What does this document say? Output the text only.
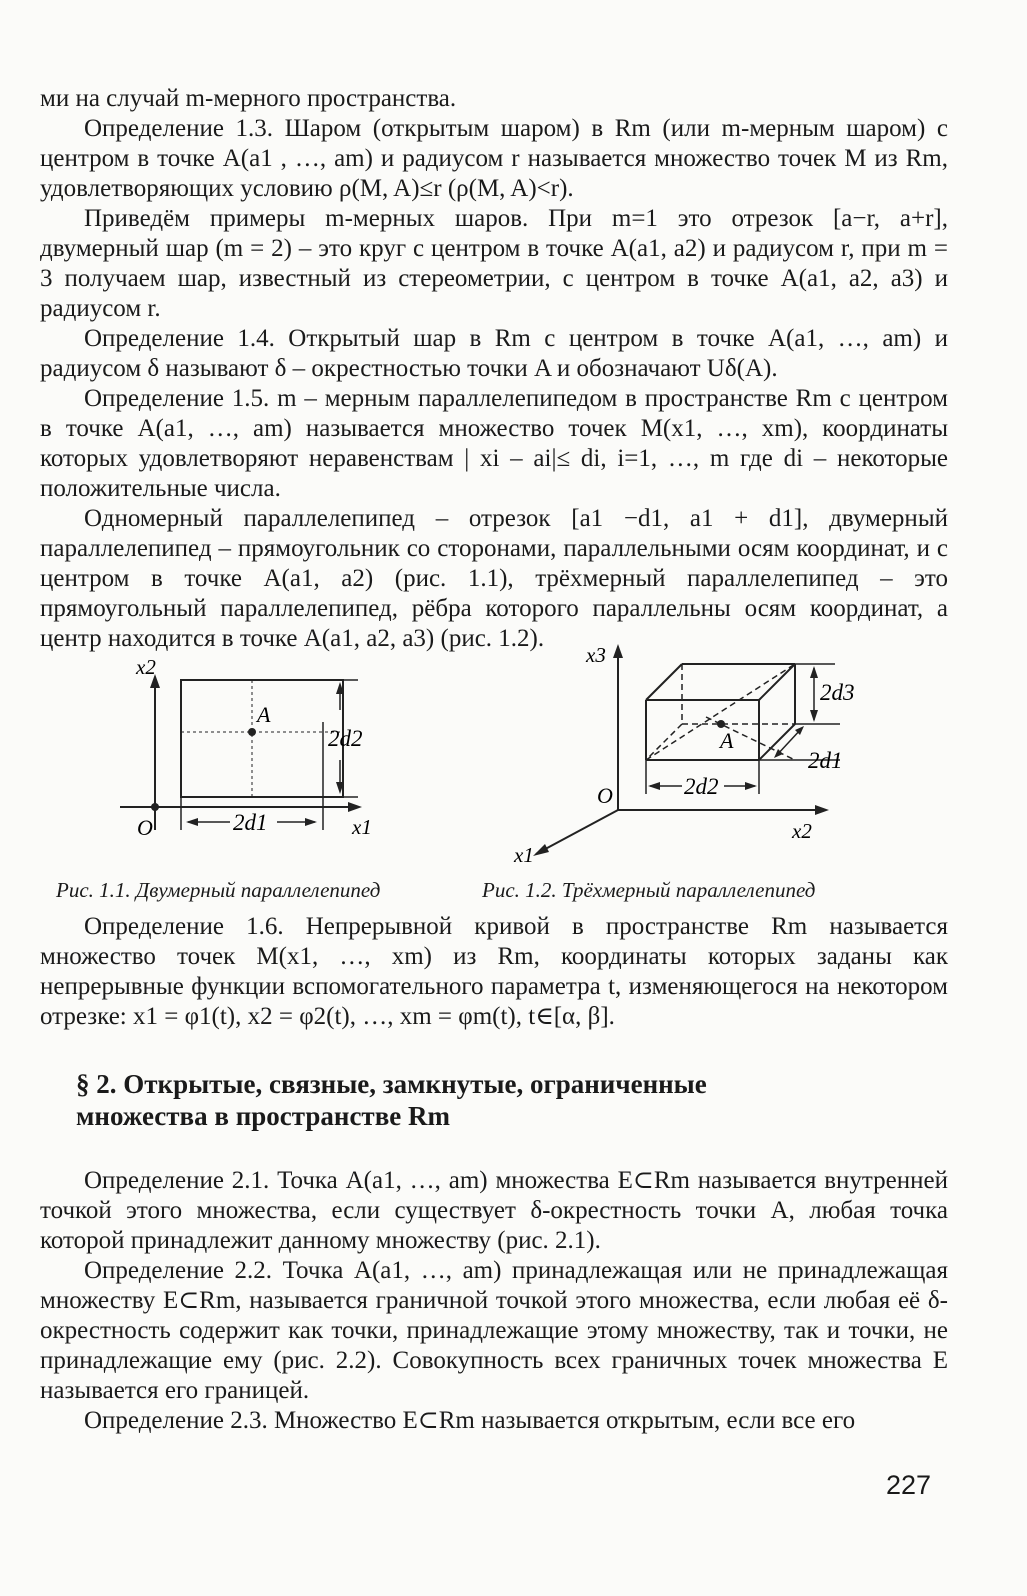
ми на случай m-мерного пространства.

Определение 1.3. Шаром (открытым шаром) в Rm (или m-мерным шаром) с центром в точке A(a1 , …, am) и радиусом r называется множество точек M из Rm, удовлетворяющих условию ρ(M, A)≤r (ρ(M, A)<r).

Приведём примеры m-мерных шаров. При m=1 это отрезок [a−r, a+r], двумерный шар (m = 2) – это круг с центром в точке A(a1, a2) и радиусом r, при m = 3 получаем шар, известный из стереометрии, с центром в точке A(a1, a2, a3) и радиусом r.

Определение 1.4. Открытый шар в Rm с центром в точке A(a1, …, am) и радиусом δ называют δ – окрестностью точки A и обозначают Uδ(A).

Определение 1.5. m – мерным параллелепипедом в пространстве Rm с центром в точке A(a1, …, am) называется множество точек M(x1, …, xm), координаты которых удовлетворяют неравенствам | xi – ai|≤ di, i=1, …, m где di – некоторые положительные числа.

Одномерный параллелепипед – отрезок [a1 −d1, a1 + d1], двумерный параллелепипед – прямоугольник со сторонами, параллельными осям координат, и с центром в точке A(a1, a2) (рис. 1.1), трёхмерный параллелепипед – это прямоугольный параллелепипед, рёбра которого параллельны осям координат, а центр находится в точке A(a1, a2, a3) (рис. 1.2).

x2
x1
O
A
2d2
2d1
x3
x2
x1
O
A
2d3
2d1
2d2
Рис. 1.1. Двумерный параллелепипед	Рис. 1.2. Трёхмерный параллелепипед

Определение 1.6. Непрерывной кривой в пространстве Rm называется множество точек M(x1, …, xm) из Rm, координаты которых заданы как непрерывные функции вспомогательного параметра t, изменяющегося на некотором отрезке: x1 = φ1(t), x2 = φ2(t), …, xm = φm(t), t∈[α, β].

§ 2. Открытые, связные, замкнутые, ограниченные
множества в пространстве Rm

Определение 2.1. Точка A(a1, …, am) множества E⊂Rm называется внутренней точкой этого множества, если существует δ-окрестность точки A, любая точка которой принадлежит данному множеству (рис. 2.1).

Определение 2.2. Точка A(a1, …, am) принадлежащая или не принадлежащая множеству E⊂Rm, называется граничной точкой этого множества, если любая её δ-окрестность содержит как точки, принадлежащие этому множеству, так и точки, не принадлежащие ему (рис. 2.2). Совокупность всех граничных точек множества E называется его границей.

Определение 2.3. Множество E⊂Rm называется открытым, если все его

227
